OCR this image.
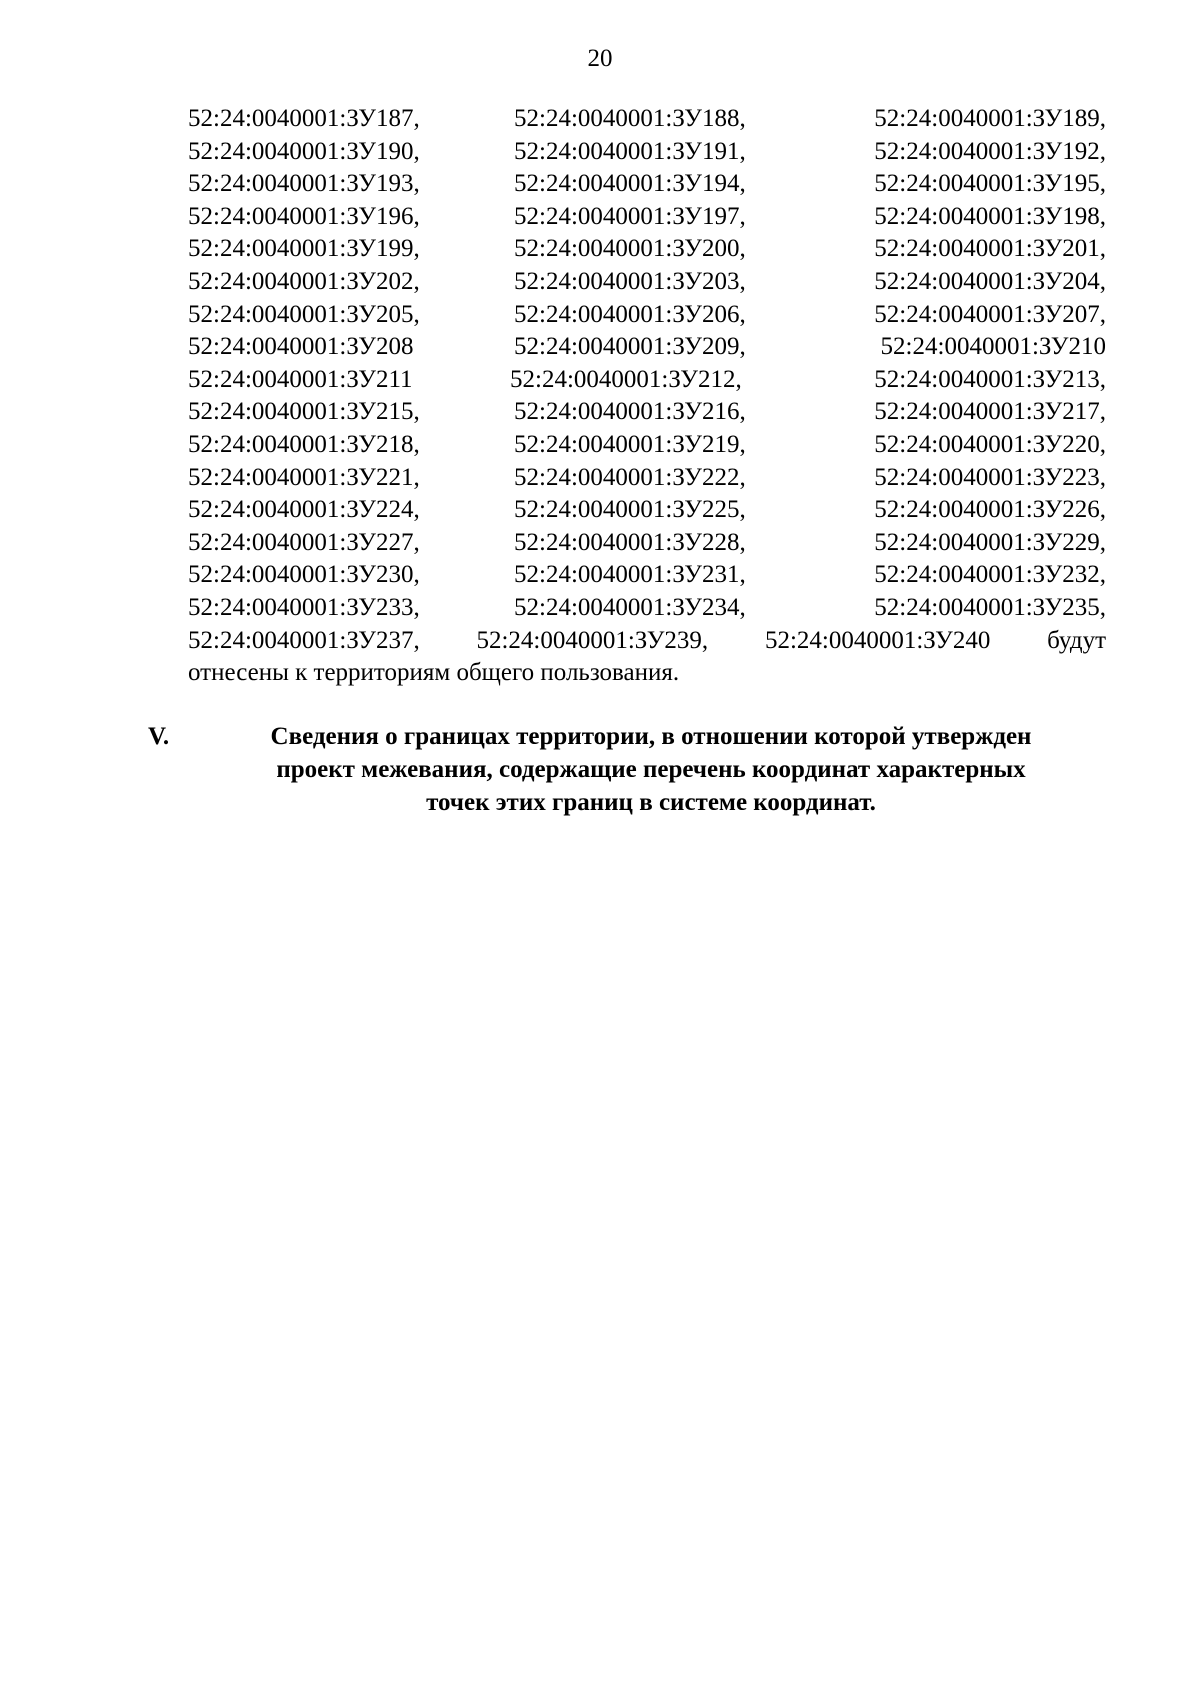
20
52:24:0040001:ЗУ187,	52:24:0040001:ЗУ188,	52:24:0040001:ЗУ189,
52:24:0040001:ЗУ190,	52:24:0040001:ЗУ191,	52:24:0040001:ЗУ192,
52:24:0040001:ЗУ193,	52:24:0040001:ЗУ194,	52:24:0040001:ЗУ195,
52:24:0040001:ЗУ196,	52:24:0040001:ЗУ197,	52:24:0040001:ЗУ198,
52:24:0040001:ЗУ199,	52:24:0040001:ЗУ200,	52:24:0040001:ЗУ201,
52:24:0040001:ЗУ202,	52:24:0040001:ЗУ203,	52:24:0040001:ЗУ204,
52:24:0040001:ЗУ205,	52:24:0040001:ЗУ206,	52:24:0040001:ЗУ207,
52:24:0040001:ЗУ208	52:24:0040001:ЗУ209,	52:24:0040001:ЗУ210
52:24:0040001:ЗУ211	52:24:0040001:ЗУ212,	52:24:0040001:ЗУ213,
52:24:0040001:ЗУ215,	52:24:0040001:ЗУ216,	52:24:0040001:ЗУ217,
52:24:0040001:ЗУ218,	52:24:0040001:ЗУ219,	52:24:0040001:ЗУ220,
52:24:0040001:ЗУ221,	52:24:0040001:ЗУ222,	52:24:0040001:ЗУ223,
52:24:0040001:ЗУ224,	52:24:0040001:ЗУ225,	52:24:0040001:ЗУ226,
52:24:0040001:ЗУ227,	52:24:0040001:ЗУ228,	52:24:0040001:ЗУ229,
52:24:0040001:ЗУ230,	52:24:0040001:ЗУ231,	52:24:0040001:ЗУ232,
52:24:0040001:ЗУ233,	52:24:0040001:ЗУ234,	52:24:0040001:ЗУ235,
52:24:0040001:ЗУ237, 52:24:0040001:ЗУ239, 52:24:0040001:ЗУ240 будут
отнесены к территориям общего пользования.
V.	Сведения о границах территории, в отношении которой утвержден
проект межевания, содержащие перечень координат характерных
точек этих границ в системе координат.
